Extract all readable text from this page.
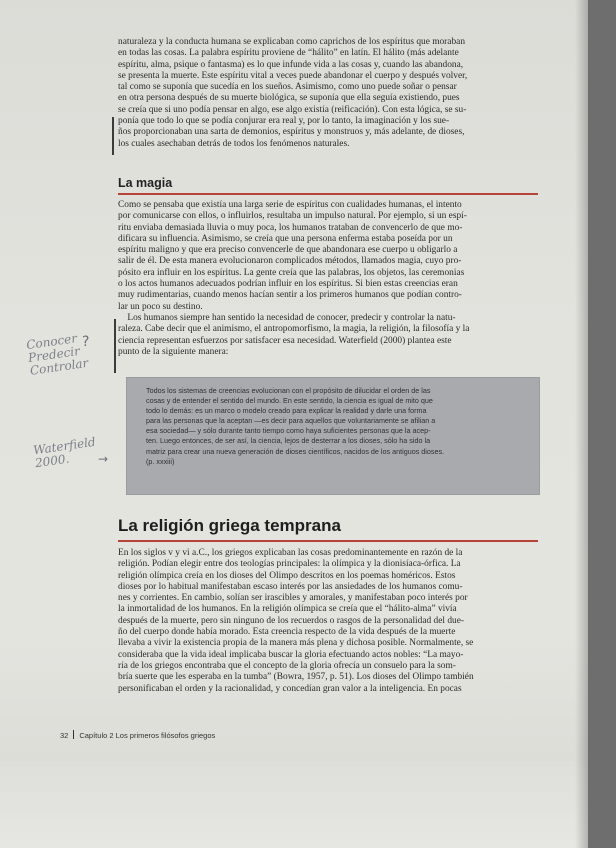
naturaleza y la conducta humana se explicaban como caprichos de los espíritus que moraban

en todas las cosas. La palabra espíritu proviene de “hálito” en latín. El hálito (más adelante

espíritu, alma, psique o fantasma) es lo que infunde vida a las cosas y, cuando las abandona,

se presenta la muerte. Este espíritu vital a veces puede abandonar el cuerpo y después volver,

tal como se suponía que sucedía en los sueños. Asimismo, como uno puede soñar o pensar

en otra persona después de su muerte biológica, se suponía que ella seguía existiendo, pues

se creía que si uno podía pensar en algo, ese algo existía (reificación). Con esta lógica, se su-

ponía que todo lo que se podía conjurar era real y, por lo tanto, la imaginación y los sue-

ños proporcionaban una sarta de demonios, espíritus y monstruos y, más adelante, de dioses,

los cuales asechaban detrás de todos los fenómenos naturales.

La magia

Como se pensaba que existía una larga serie de espíritus con cualidades humanas, el intento

por comunicarse con ellos, o influirlos, resultaba un impulso natural. Por ejemplo, si un espí-

ritu enviaba demasiada lluvia o muy poca, los humanos trataban de convencerlo de que mo-

dificara su influencia. Asimismo, se creía que una persona enferma estaba poseída por un

espíritu maligno y que era preciso convencerle de que abandonara ese cuerpo u obligarlo a

salir de él. De esta manera evolucionaron complicados métodos, llamados magia, cuyo pro-

pósito era influir en los espíritus. La gente creía que las palabras, los objetos, las ceremonias

o los actos humanos adecuados podrían influir en los espíritus. Si bien estas creencias eran

muy rudimentarias, cuando menos hacían sentir a los primeros humanos que podían contro-

lar un poco su destino.

Los humanos siempre han sentido la necesidad de conocer, predecir y controlar la natu-

raleza. Cabe decir que el animismo, el antropomorfismo, la magia, la religión, la filosofía y la

ciencia representan esfuerzos por satisfacer esa necesidad. Waterfield (2000) plantea este

punto de la siguiente manera:

Todos los sistemas de creencias evolucionan con el propósito de dilucidar el orden de las
cosas y de entender el sentido del mundo. En este sentido, la ciencia es igual de mito que
todo lo demás: es un marco o modelo creado para explicar la realidad y darle una forma
para las personas que la aceptan —es decir para aquellos que voluntariamente se afilian a
esa sociedad— y sólo durante tanto tiempo como haya suficientes personas que la acep-
ten. Luego entonces, de ser así, la ciencia, lejos de desterrar a los dioses, sólo ha sido la
matriz para crear una nueva generación de dioses científicos, nacidos de los antiguos dioses.
(p. xxxiii)

La religión griega temprana

En los siglos v y vi a.C., los griegos explicaban las cosas predominantemente en razón de la

religión. Podían elegir entre dos teologías principales: la olímpica y la dionisíaca-órfica. La

religión olímpica creía en los dioses del Olimpo descritos en los poemas homéricos. Estos

dioses por lo habitual manifestaban escaso interés por las ansiedades de los humanos comu-

nes y corrientes. En cambio, solían ser irascibles y amorales, y manifestaban poco interés por

la inmortalidad de los humanos. En la religión olímpica se creía que el “hálito-alma” vivía

después de la muerte, pero sin ninguno de los recuerdos o rasgos de la personalidad del due-

ño del cuerpo donde había morado. Esta creencia respecto de la vida después de la muerte

llevaba a vivir la existencia propia de la manera más plena y dichosa posible. Normalmente, se

consideraba que la vida ideal implicaba buscar la gloria efectuando actos nobles: “La mayo-

ría de los griegos encontraba que el concepto de la gloria ofrecía un consuelo para la som-

bría suerte que les esperaba en la tumba” (Bowra, 1957, p. 51). Los dioses del Olimpo también

personificaban el orden y la racionalidad, y concedían gran valor a la inteligencia. En pocas

Conocer
Predecir
Controlar
?
Waterfield
2000.	→
32 Capítulo 2 Los primeros filósofos griegos
